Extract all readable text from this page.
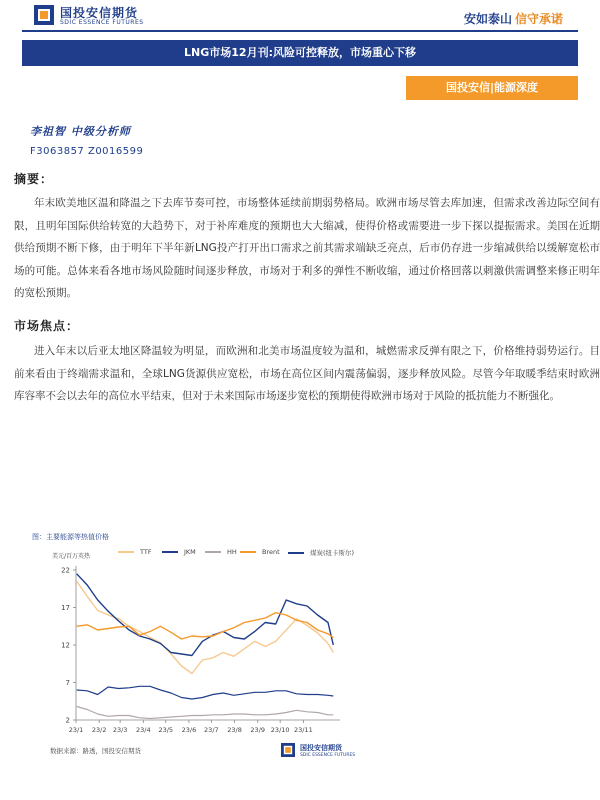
国投安信期货
SDIC ESSENCE FUTURES	安如泰山 信守承诺
LNG市场12月刊:风险可控释放，市场重心下移
国投安信|能源深度
李祖智 中级分析师
F3063857 Z0016599
摘要：
年末欧美地区温和降温之下去库节奏可控，市场整体延续前期弱势格局。欧洲市场尽管去库加速，但需求改善边际空间有限，且明年国际供给转宽的大趋势下，对于补库难度的预期也大大缩减，使得价格或需要进一步下探以提振需求。美国在近期供给预期不断下修，由于明年下半年新LNG投产打开出口需求之前其需求端缺乏亮点，后市仍存进一步缩减供给以缓解宽松市场的可能。总体来看各地市场风险随时间逐步释放，市场对于利多的弹性不断收缩，通过价格回落以刺激供需调整来修正明年的宽松预期。
市场焦点：
进入年末以后亚太地区降温较为明显，而欧洲和北美市场温度较为温和，城燃需求反弹有限之下，价格维持弱势运行。目前来看由于终端需求温和，全球LNG货源供应宽松，市场在高位区间内震荡偏弱，逐步释放风险。尽管今年取暖季结束时欧洲库容率不会以去年的高位水平结束，但对于未来国际市场逐步宽松的预期使得欧洲市场对于风险的抵抗能力不断强化。
图：主要能源等热值价格
美元/百万英热
TTF	JKM	HH	Brent	煤炭(纽卡斯尔)
2
7
12
17
22
23/1 23/2 23/3 23/4 23/5 23/6 23/7 23/8 23/9 23/10 23/11
数据来源：路透，国投安信期货	国投安信期货
SDIC ESSENCE FUTURES
